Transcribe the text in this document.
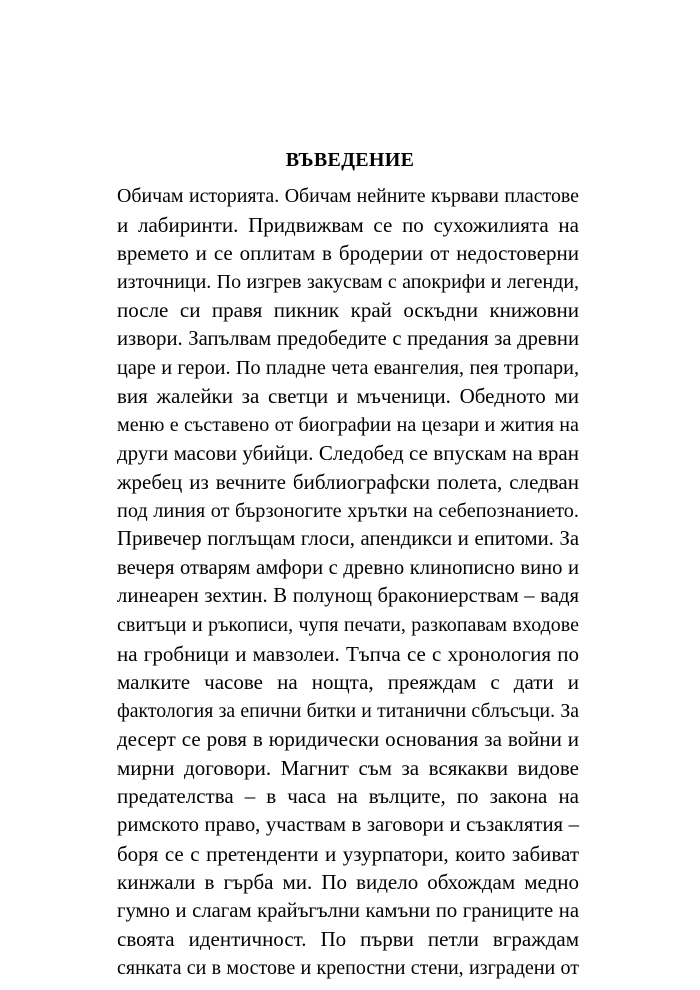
ВЪВЕДЕНИЕ
Обичам историята. Обичам нейните кървави пластове
и лабиринти. Придвижвам се по сухожилията на
времето и се оплитам в бродерии от недостоверни
източници. По изгрев закусвам с апокрифи и легенди,
после си правя пикник край оскъдни книжовни
извори. Запълвам предобедите с предания за древни
царе и герои. По пладне чета евангелия, пея тропари,
вия жалейки за светци и мъченици. Обедното ми
меню е съставено от биографии на цезари и жития на
други масови убийци. Следобед се впускам на вран
жребец из вечните библиографски полета, следван
под линия от бързоногите хрътки на себепознанието.
Привечер поглъщам глоси, апендикси и епитоми. За
вечеря отварям амфори с древно клинописно вино и
линеарен зехтин. В полунощ бракониерствам – вадя
свитъци и ръкописи, чупя печати, разкопавам входове
на гробници и мавзолеи. Тъпча се с хронология по
малките часове на нощта, преяждам с дати и
фактология за епични битки и титанични сблъсъци. За
десерт се ровя в юридически основания за войни и
мирни договори. Магнит съм за всякакви видове
предателства – в часа на вълците, по закона на
римското право, участвам в заговори и съзаклятия –
боря се с претенденти и узурпатори, които забиват
кинжали в гърба ми. По видело обхождам медно
гумно и слагам крайъгълни камъни по границите на
своята идентичност. По първи петли вграждам
сянката си в мостове и крепостни стени, изградени от
